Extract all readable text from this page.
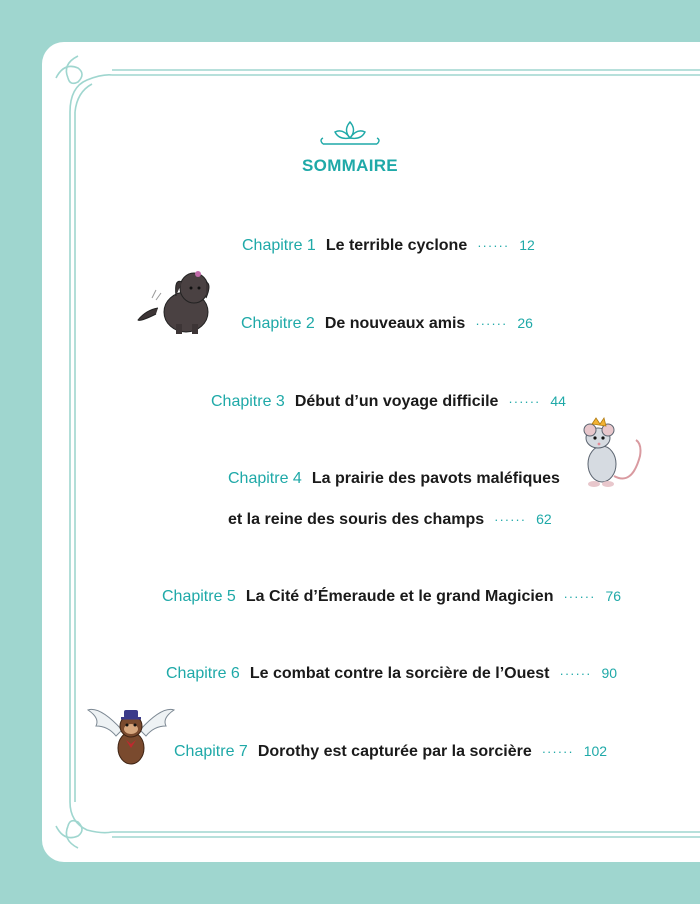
SOMMAIRE
Chapitre 1 Le terrible cyclone ······ 12
Chapitre 2 De nouveaux amis ······ 26
Chapitre 3 Début d’un voyage difficile ······ 44
Chapitre 4 La prairie des pavots maléfiques
et la reine des souris des champs ······ 62
Chapitre 5 La Cité d’Émeraude et le grand Magicien ······ 76
Chapitre 6 Le combat contre la sorcière de l’Ouest ······ 90
Chapitre 7 Dorothy est capturée par la sorcière ······ 102
